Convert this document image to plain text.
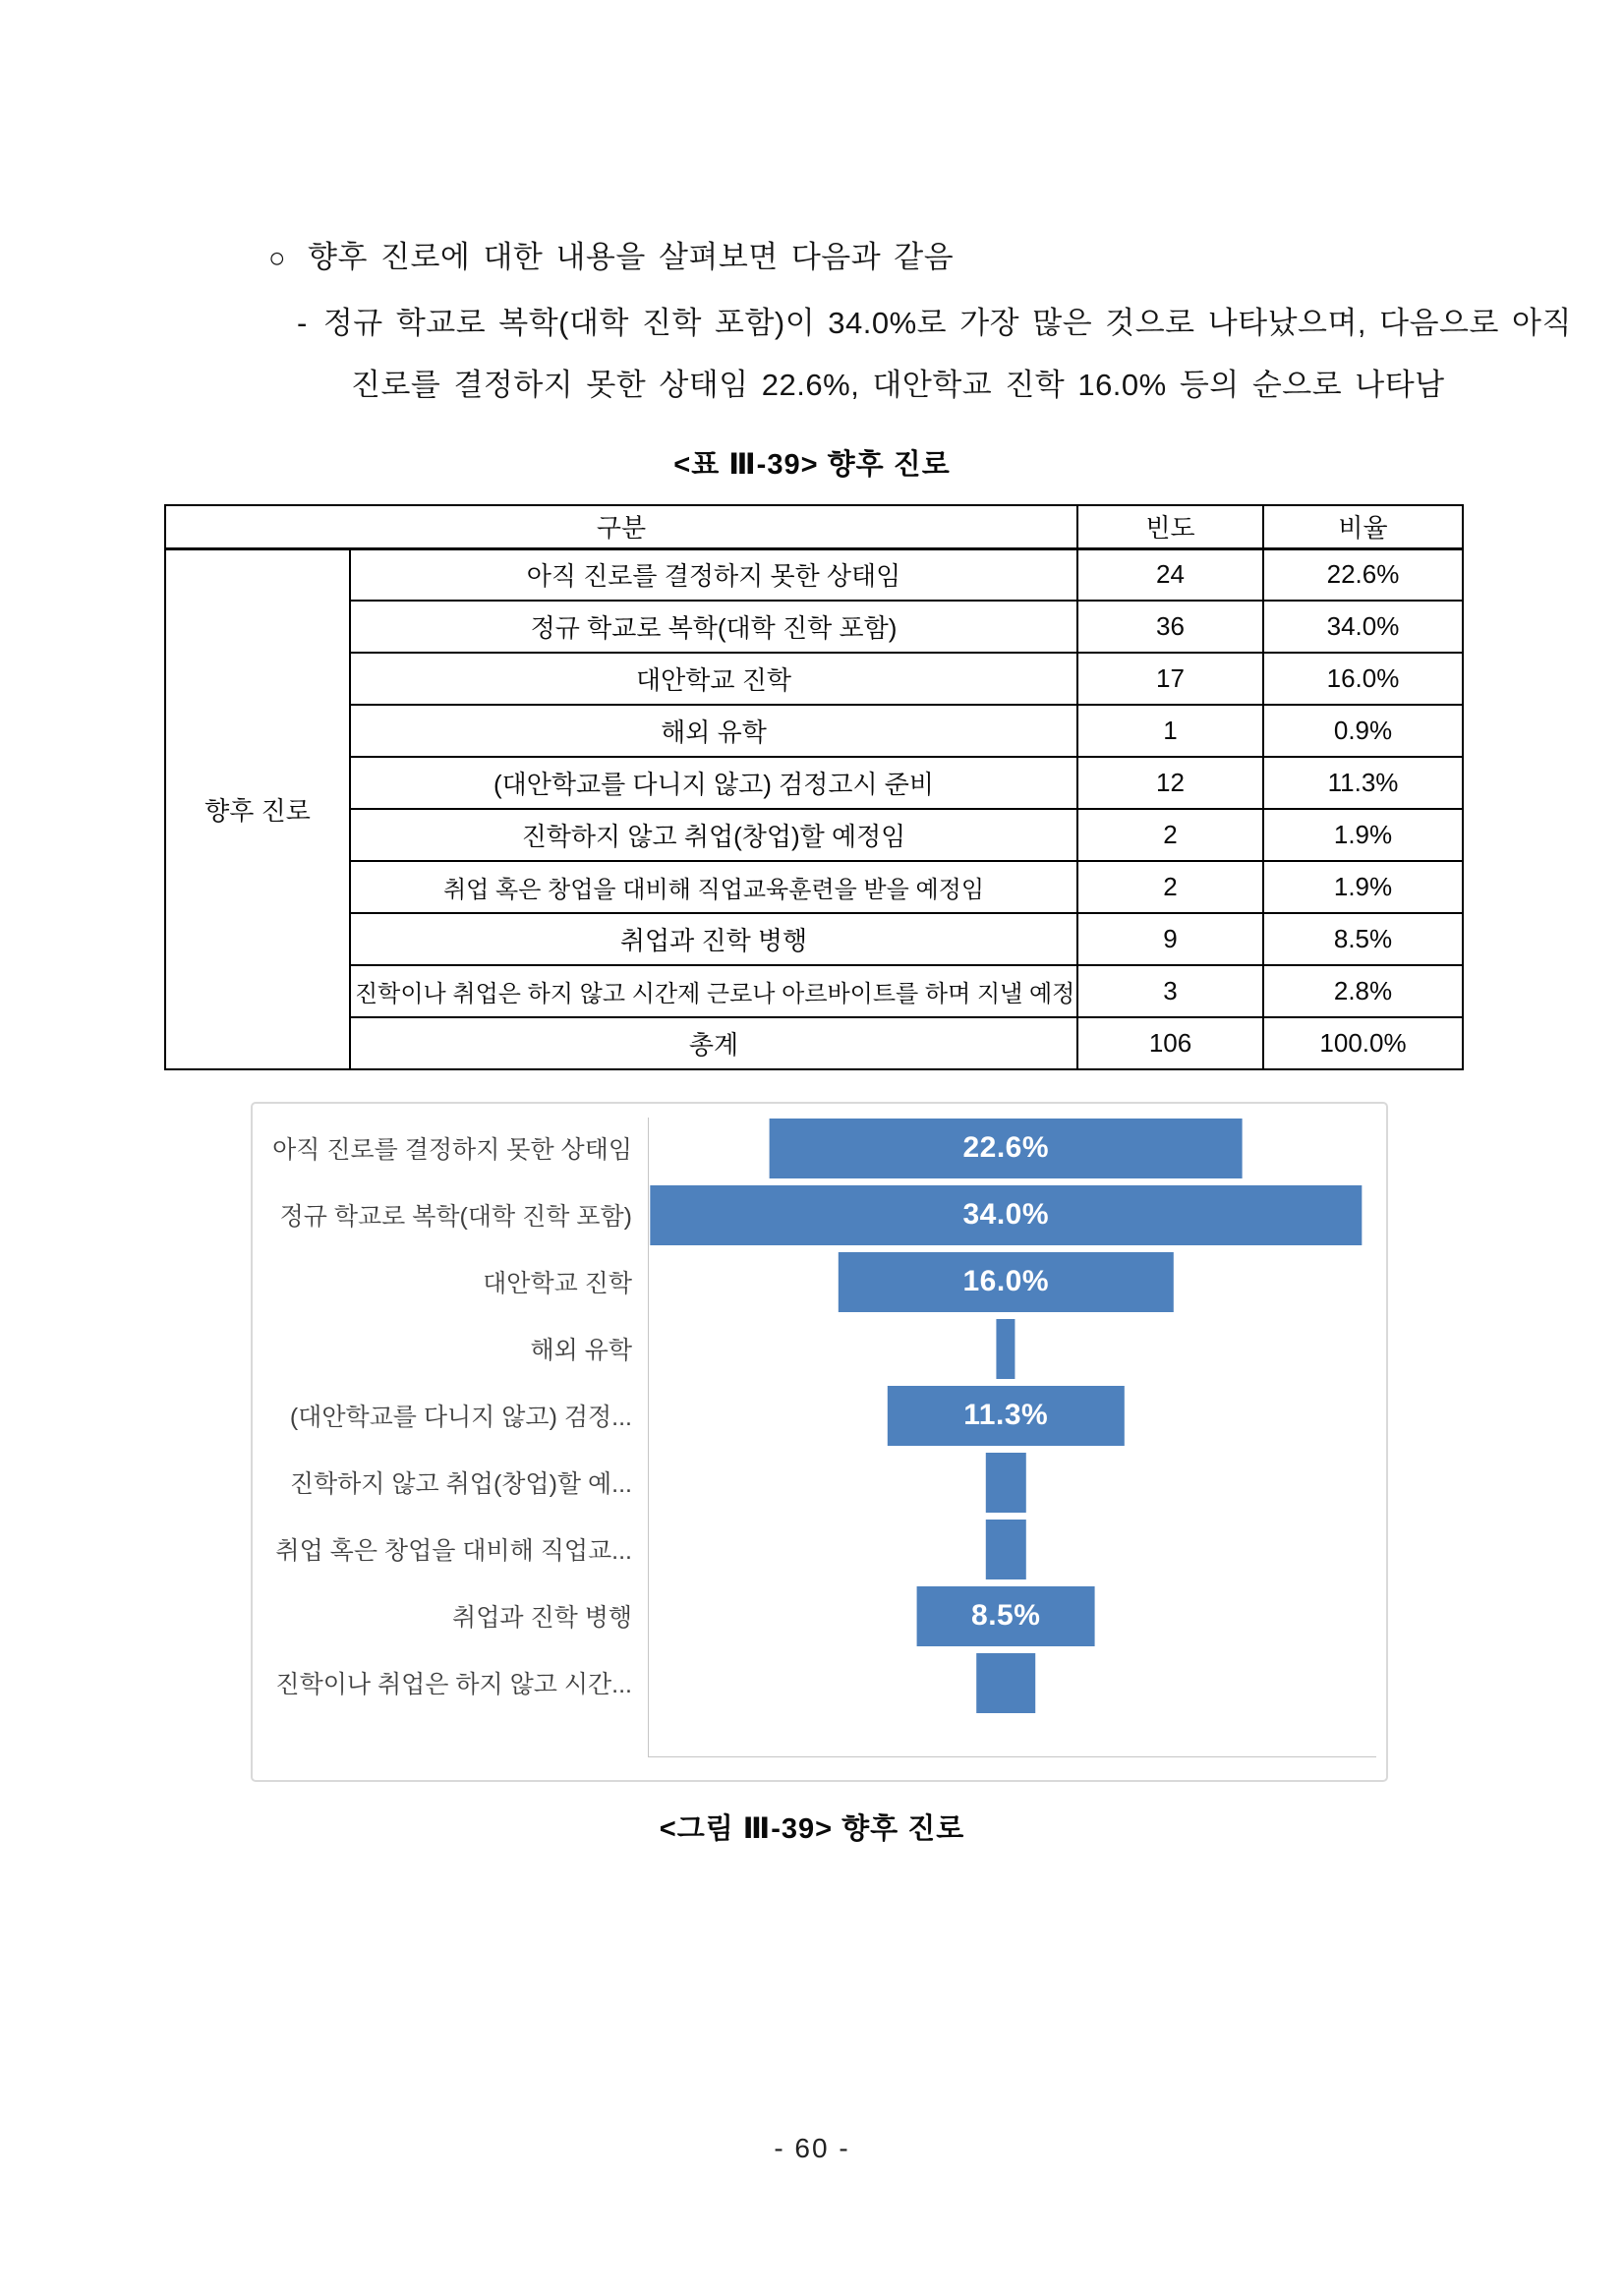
○ 향후 진로에 대한 내용을 살펴보면 다음과 같음
- 정규 학교로 복학(대학 진학 포함)이 34.0%로 가장 많은 것으로 나타났으며, 다음으로 아직
진로를 결정하지 못한 상태임 22.6%, 대안학교 진학 16.0% 등의 순으로 나타남
<표 Ⅲ-39> 향후 진로
구분		빈도	비율
향후 진로	아직 진로를 결정하지 못한 상태임	24	22.6%
	정규 학교로 복학(대학 진학 포함)	36	34.0%
	대안학교 진학	17	16.0%
	해외 유학	1	0.9%
	(대안학교를 다니지 않고) 검정고시 준비	12	11.3%
	진학하지 않고 취업(창업)할 예정임	2	1.9%
	취업 혹은 창업을 대비해 직업교육훈련을 받을 예정임	2	1.9%
	취업과 진학 병행	9	8.5%
	진학이나 취업은 하지 않고 시간제 근로나 아르바이트를 하며 지낼 예정	3	2.8%
	총계	106	100.0%
아직 진로를 결정하지 못한 상태임	22.6%
정규 학교로 복학(대학 진학 포함)	34.0%
대안학교 진학	16.0%
해외 유학
(대안학교를 다니지 않고) 검정...	11.3%
진학하지 않고 취업(창업)할 예...
취업 혹은 창업을 대비해 직업교...
취업과 진학 병행	8.5%
진학이나 취업은 하지 않고 시간...
<그림 Ⅲ-39> 향후 진로
- 60 -
